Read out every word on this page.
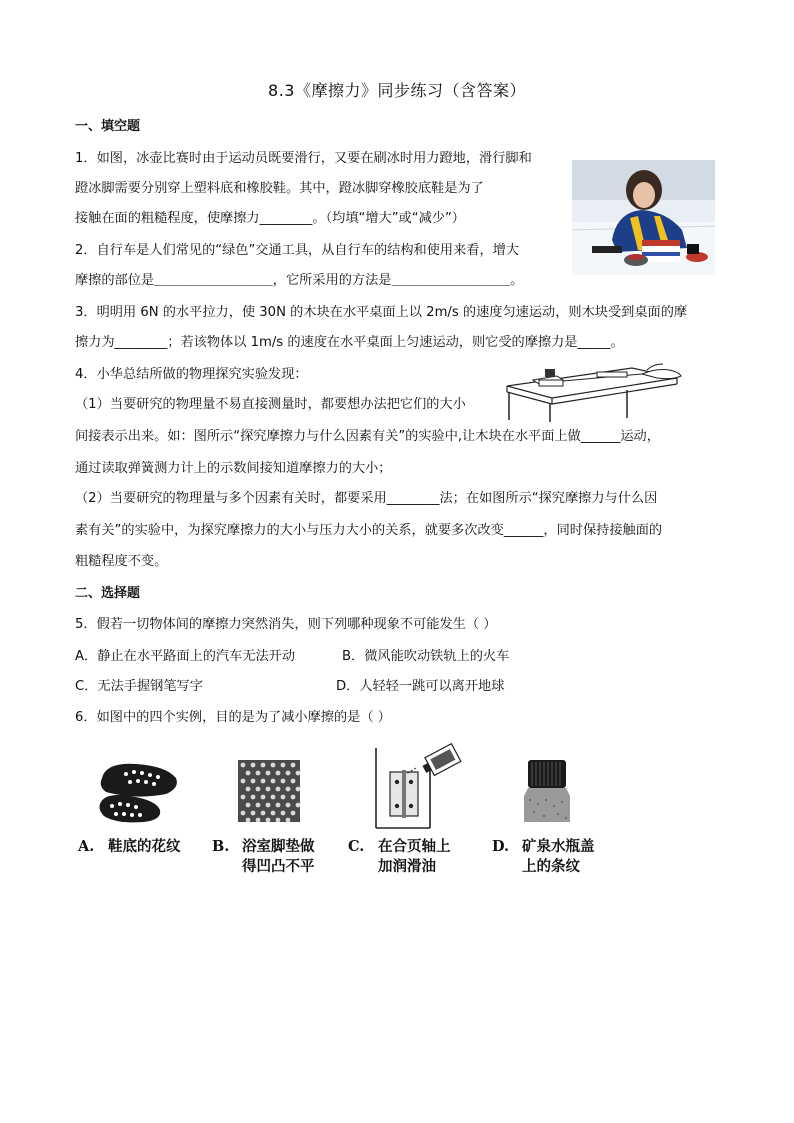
8.3《摩擦力》同步练习（含答案）
一、填空题
1．如图，冰壶比赛时由于运动员既要滑行，又要在刷冰时用力蹬地，滑行脚和
蹬冰脚需要分别穿上塑料底和橡胶鞋。其中，蹬冰脚穿橡胶底鞋是为了
接触在面的粗糙程度，使摩擦力________。（均填“增大”或“减少”）
2．自行车是人们常见的“绿色”交通工具，从自行车的结构和使用来看，增大
摩擦的部位是＿＿＿＿＿＿＿＿＿，它所采用的方法是＿＿＿＿＿＿＿＿＿。
3．明明用 6N 的水平拉力，使 30N 的木块在水平桌面上以 2m/s 的速度匀速运动，则木块受到桌面的摩
擦力为________；若该物体以 1m/s 的速度在水平桌面上匀速运动，则它受的摩擦力是_____。
4．小华总结所做的物理探究实验发现：
（1）当要研究的物理量不易直接测量时，都要想办法把它们的大小
间接表示出来。如：图所示“探究摩擦力与什么因素有关”的实验中,让木块在水平面上做______运动，
通过读取弹簧测力计上的示数间接知道摩擦力的大小；
（2）当要研究的物理量与多个因素有关时，都要采用________法；在如图所示“探究摩擦力与什么因
素有关”的实验中，为探究摩擦力的大小与压力大小的关系，就要多次改变______，同时保持接触面的
粗糙程度不变。
二、选择题
5．假若一切物体间的摩擦力突然消失，则下列哪种现象不可能发生（ ）
A．静止在水平路面上的汽车无法开动	B．微风能吹动铁轨上的火车
C．无法手握钢笔写字	D．人轻轻一跳可以离开地球
6．如图中的四个实例，目的是为了减小摩擦的是（ ）
A. 鞋底的花纹 B. 浴室脚垫做
得凹凸不平
C. 在合页轴上
加润滑油
D. 矿泉水瓶盖
上的条纹
